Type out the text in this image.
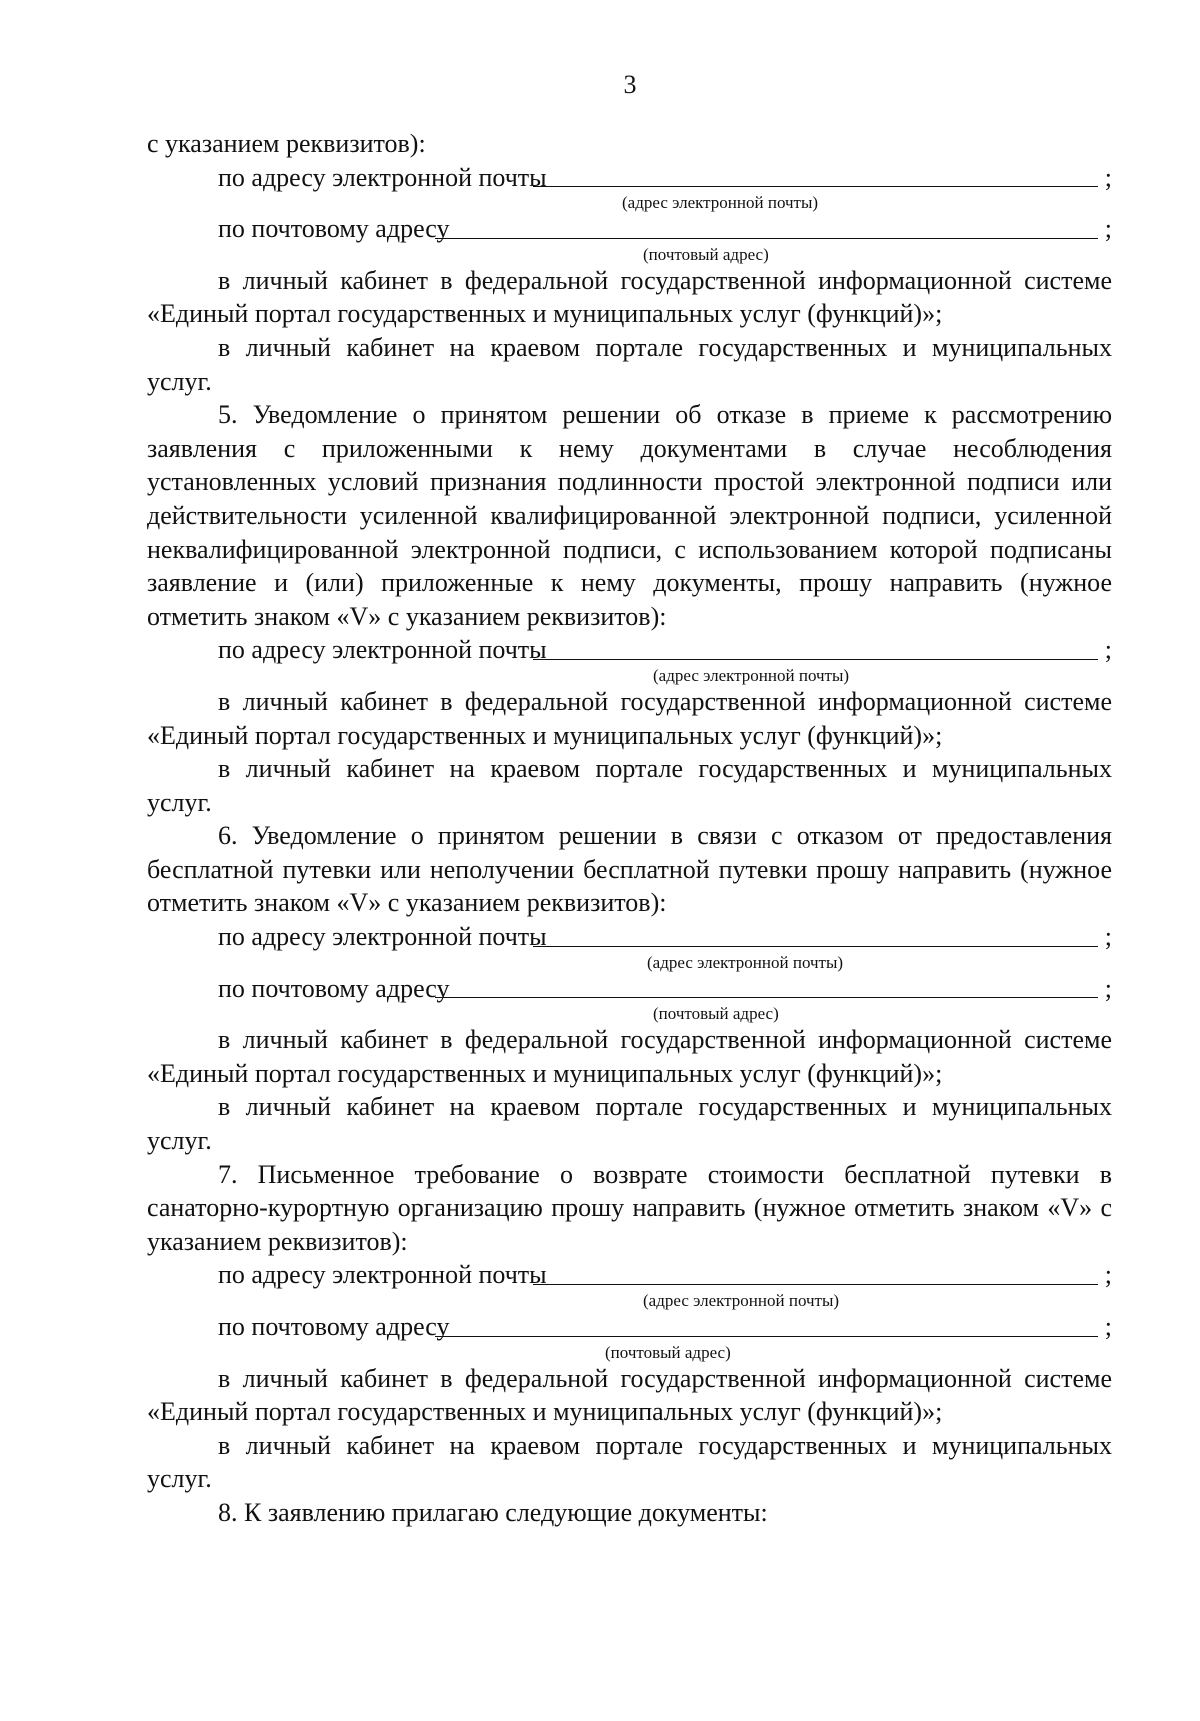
3

с указанием реквизитов):

по адресу электронной почты	;
(адрес электронной почты)
по почтовому адресу	;
(почтовый адрес)

в личный кабинет в федеральной государственной информационной системе «Единый портал государственных и муниципальных услуг (функций)»;

в личный кабинет на краевом портале государственных и муниципальных услуг.

5. Уведомление о принятом решении об отказе в приеме к рассмотрению заявления с приложенными к нему документами в случае несоблюдения установленных условий признания подлинности простой электронной подписи или действительности усиленной квалифицированной электронной подписи, усиленной неквалифицированной электронной подписи, с использованием которой подписаны заявление и (или) приложенные к нему документы, прошу направить (нужное отметить знаком «V» с указанием реквизитов):

по адресу электронной почты	;
(адрес электронной почты)

в личный кабинет в федеральной государственной информационной системе «Единый портал государственных и муниципальных услуг (функций)»;

в личный кабинет на краевом портале государственных и муниципальных услуг.

6. Уведомление о принятом решении в связи с отказом от предоставления бесплатной путевки или неполучении бесплатной путевки прошу направить (нужное отметить знаком «V» с указанием реквизитов):

по адресу электронной почты	;
(адрес электронной почты)
по почтовому адресу	;
(почтовый адрес)

в личный кабинет в федеральной государственной информационной системе «Единый портал государственных и муниципальных услуг (функций)»;

в личный кабинет на краевом портале государственных и муниципальных услуг.

7. Письменное требование о возврате стоимости бесплатной путевки в санаторно-курортную организацию прошу направить (нужное отметить знаком «V» с указанием реквизитов):

по адресу электронной почты	;
(адрес электронной почты)
по почтовому адресу	;
(почтовый адрес)

в личный кабинет в федеральной государственной информационной системе «Единый портал государственных и муниципальных услуг (функций)»;

в личный кабинет на краевом портале государственных и муниципальных услуг.

8. К заявлению прилагаю следующие документы:
